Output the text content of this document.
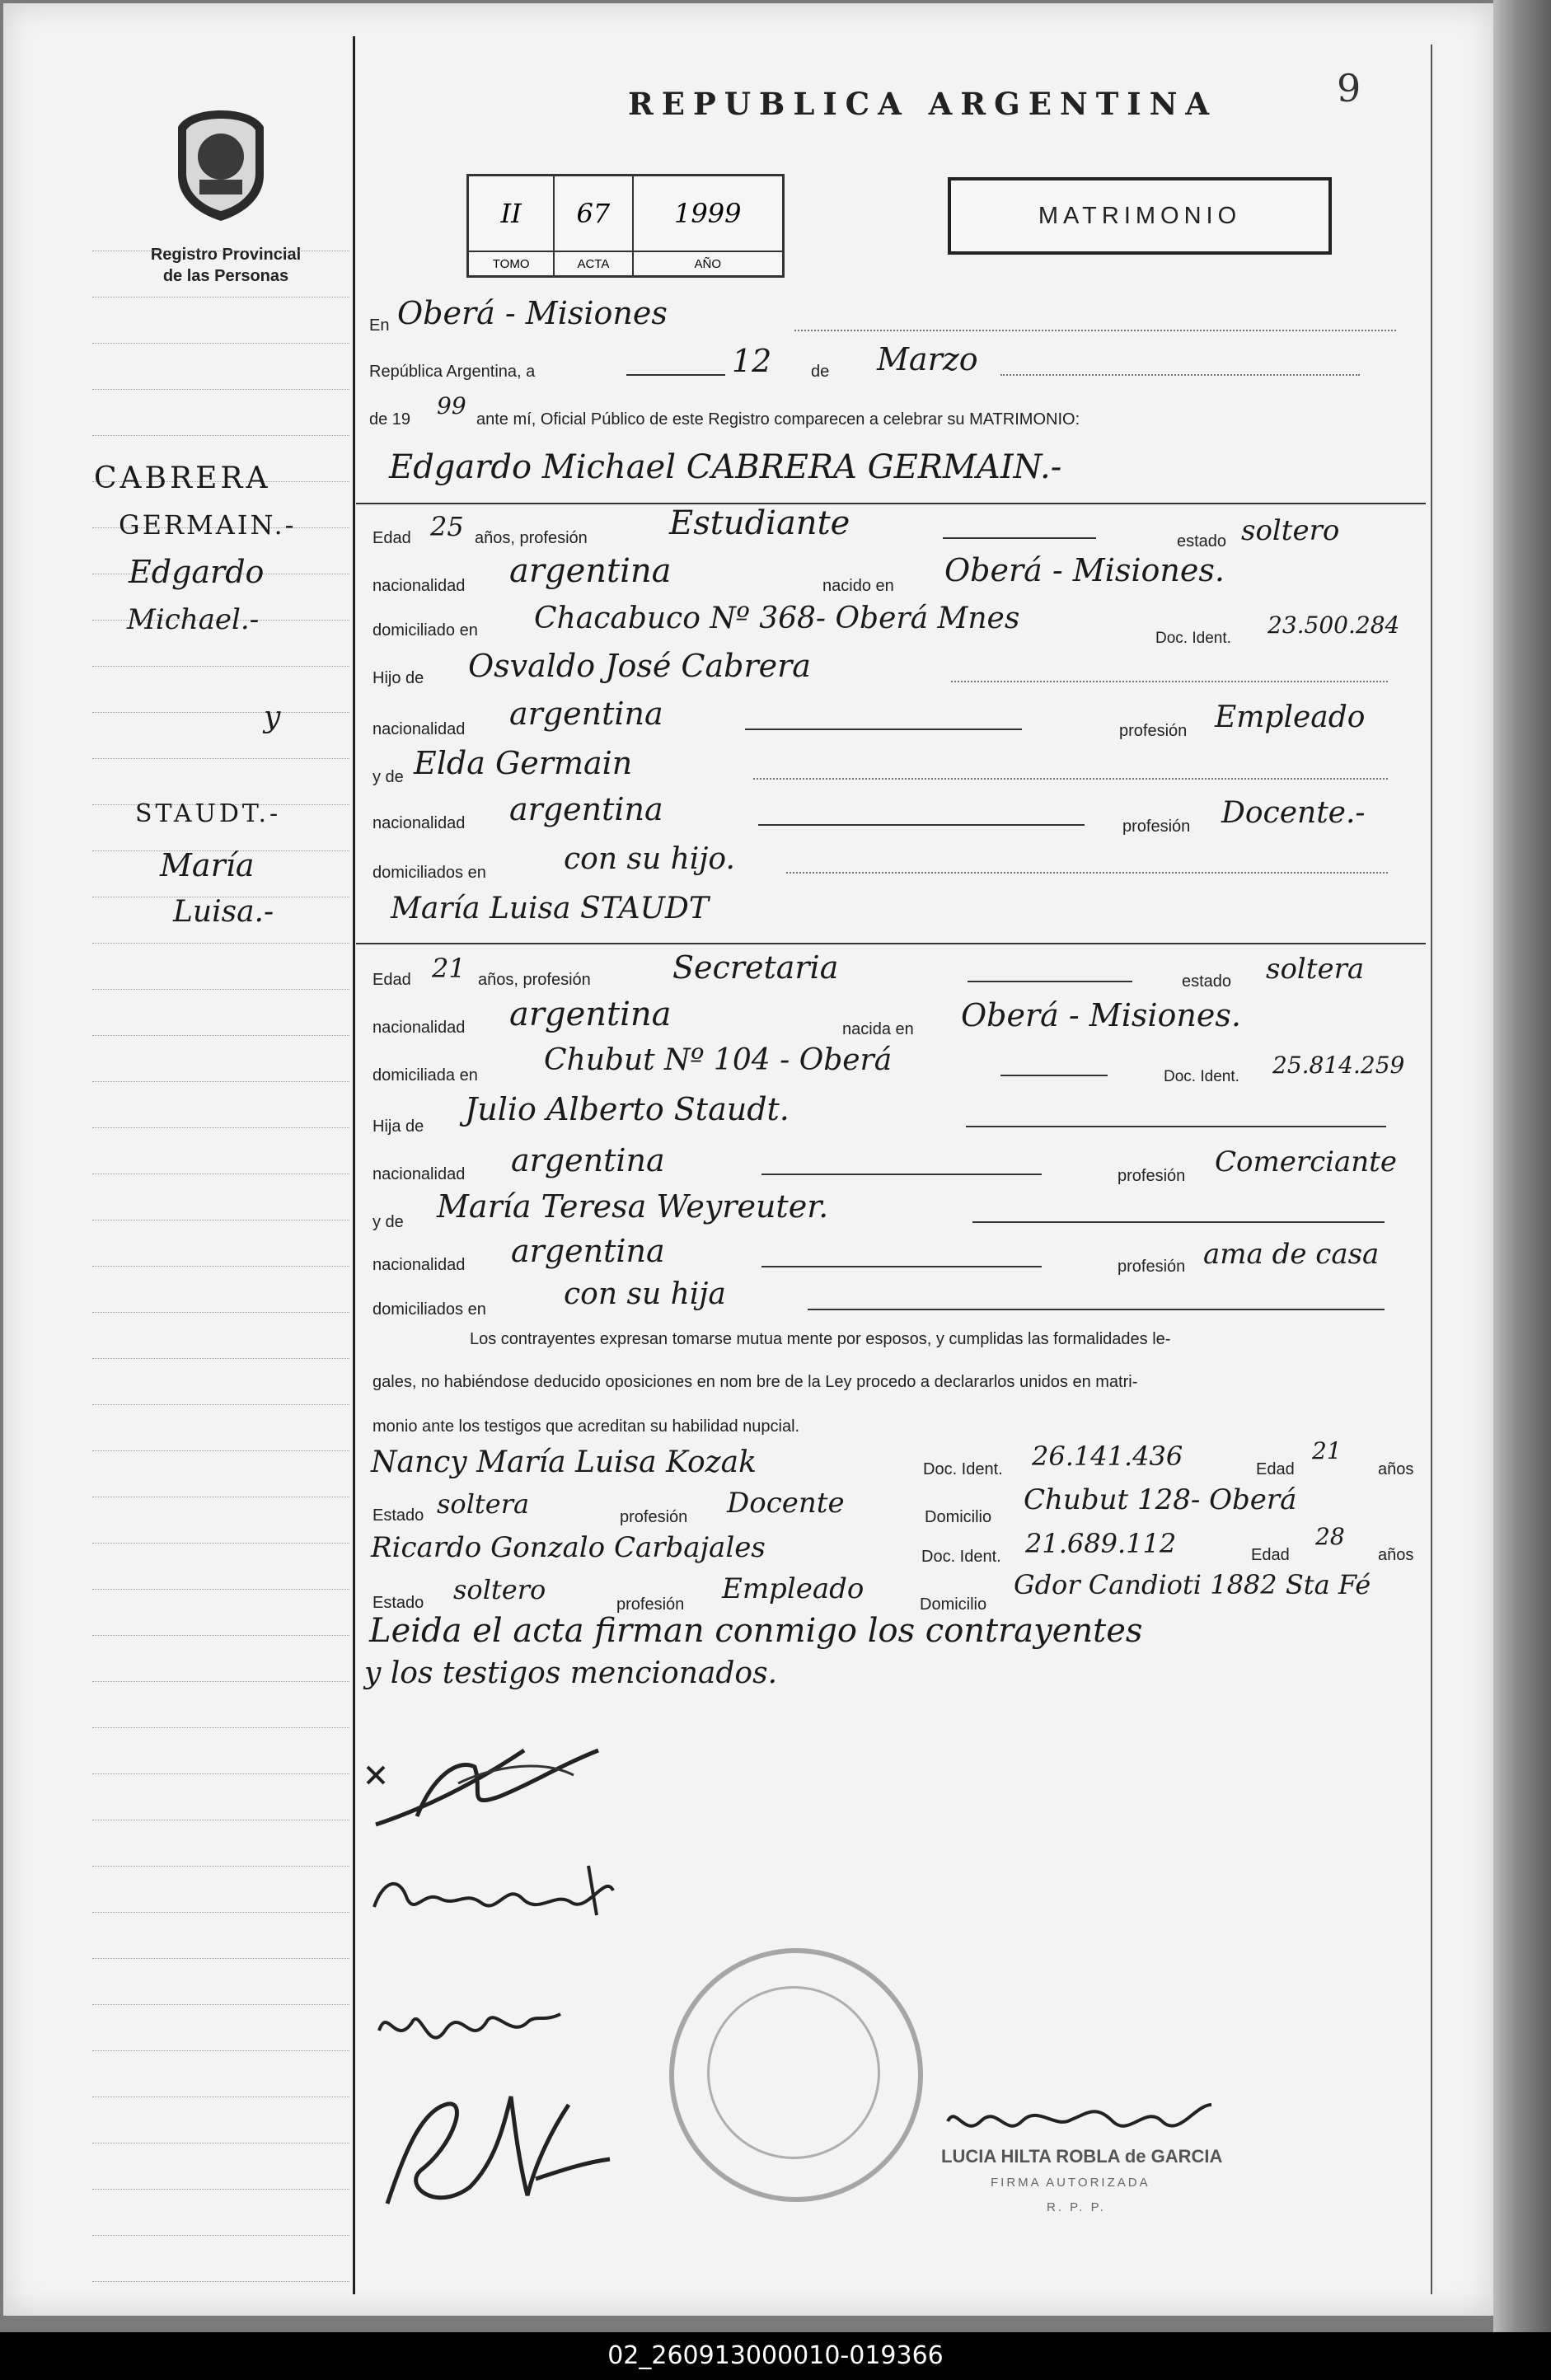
Registro Provincial
de las Personas
REPUBLICA ARGENTINA	9
II	67	1999
TOMO	ACTA	AÑO
MATRIMONIO
CABRERA
GERMAIN.-
Edgardo
Michael.-
y
STAUDT.-
María
Luisa.-
En Oberá - Misiones
República Argentina, a	12 de Marzo
de 19 99 ante mí, Oficial Público de este Registro comparecen a celebrar su MATRIMONIO:
Edgardo Michael CABRERA GERMAIN.-
Edad 25 años, profesión Estudiante	estado soltero
nacionalidad argentina	nacido en Oberá - Misiones.
domiciliado en Chacabuco Nº 368- Oberá Mnes
Doc. Ident. 23.500.284
Hijo de Osvaldo José Cabrera
nacionalidad argentina	profesión Empleado
y de Elda Germain
nacionalidad argentina	profesión Docente.-
domiciliados en	con su hijo.
María Luisa STAUDT
Edad 21 años, profesión	Secretaria	estado soltera
nacionalidad argentina	nacida en Oberá - Misiones.
domiciliada en Chubut Nº 104 - Oberá	Doc. Ident. 25.814.259
Hija de Julio Alberto Staudt.
nacionalidad argentina	profesión Comerciante
y de María Teresa Weyreuter.
nacionalidad argentina	profesión ama de casa
domiciliados en	con su hija
Los contrayentes expresan tomarse mutua mente por esposos, y cumplidas las formalidades le-
gales, no habiéndose deducido oposiciones en nom bre de la Ley procedo a declararlos unidos en matri-
monio ante los testigos que acreditan su habilidad nupcial.
Nancy María Luisa Kozak	Doc. Ident. 26.141.436	Edad
21
años
Estado soltera	profesión Docente	Domicilio
Chubut 128- Oberá
Ricardo Gonzalo Carbajales	Doc. Ident. 21.689.112	Edad
28
años
Estado soltero	profesión Empleado	Domicilio
Gdor Candioti 1882 Sta Fé
Leida el acta firman conmigo los contrayentes
y los testigos mencionados.
LUCIA HILTA ROBLA de GARCIA
FIRMA AUTORIZADA
R. P. P.
02_260913000010-019366
